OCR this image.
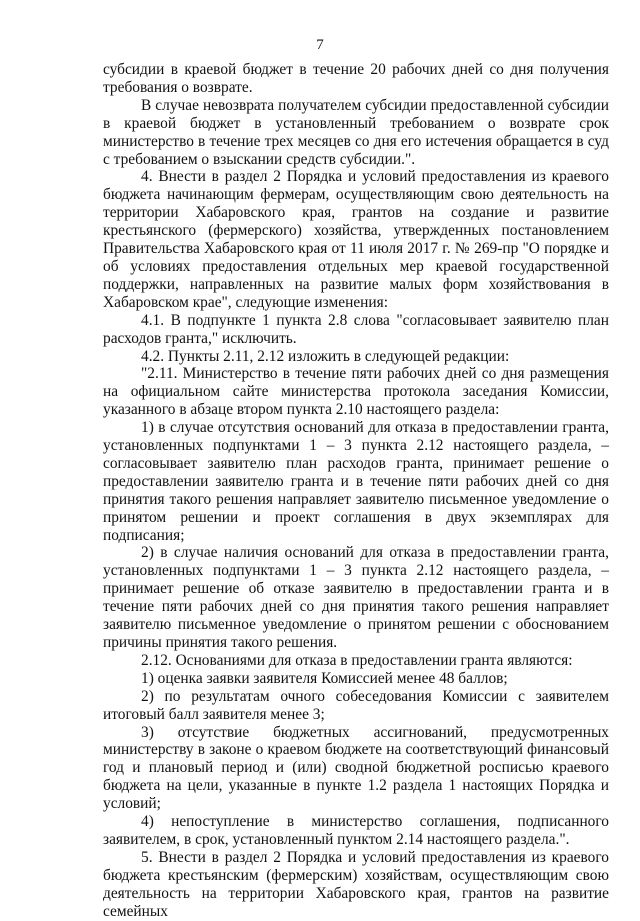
7

субсидии в краевой бюджет в течение 20 рабочих дней со дня получения требования о возврате.

В случае невозврата получателем субсидии предоставленной субсидии в краевой бюджет в установленный требованием о возврате срок министерство в течение трех месяцев со дня его истечения обращается в суд с требованием о взыскании средств субсидии.".

4. Внести в раздел 2 Порядка и условий предоставления из краевого бюджета начинающим фермерам, осуществляющим свою деятельность на территории Хабаровского края, грантов на создание и развитие крестьянского (фермерского) хозяйства, утвержденных постановлением Правительства Хабаровского края от 11 июля 2017 г. № 269-пр "О порядке и об условиях предоставления отдельных мер краевой государственной поддержки, направленных на развитие малых форм хозяйствования в Хабаровском крае", следующие изменения:

4.1. В подпункте 1 пункта 2.8 слова "согласовывает заявителю план расходов гранта," исключить.

4.2. Пункты 2.11, 2.12 изложить в следующей редакции:

"2.11. Министерство в течение пяти рабочих дней со дня размещения на официальном сайте министерства протокола заседания Комиссии, указанного в абзаце втором пункта 2.10 настоящего раздела:

1) в случае отсутствия оснований для отказа в предоставлении гранта, установленных подпунктами 1 – 3 пункта 2.12 настоящего раздела, – согласовывает заявителю план расходов гранта, принимает решение о предоставлении заявителю гранта и в течение пяти рабочих дней со дня принятия такого решения направляет заявителю письменное уведомление о принятом решении и проект соглашения в двух экземплярах для подписания;

2) в случае наличия оснований для отказа в предоставлении гранта, установленных подпунктами 1 – 3 пункта 2.12 настоящего раздела, – принимает решение об отказе заявителю в предоставлении гранта и в течение пяти рабочих дней со дня принятия такого решения направляет заявителю письменное уведомление о принятом решении с обоснованием причины принятия такого решения.

2.12. Основаниями для отказа в предоставлении гранта являются:

1) оценка заявки заявителя Комиссией менее 48 баллов;

2) по результатам очного собеседования Комиссии с заявителем итоговый балл заявителя менее 3;

3) отсутствие бюджетных ассигнований, предусмотренных министерству в законе о краевом бюджете на соответствующий финансовый год и плановый период и (или) сводной бюджетной росписью краевого бюджета на цели, указанные в пункте 1.2 раздела 1 настоящих Порядка и условий;

4) непоступление в министерство соглашения, подписанного заявителем, в срок, установленный пунктом 2.14 настоящего раздела.".

5. Внести в раздел 2 Порядка и условий предоставления из краевого бюджета крестьянским (фермерским) хозяйствам, осуществляющим свою деятельность на территории Хабаровского края, грантов на развитие семейных
